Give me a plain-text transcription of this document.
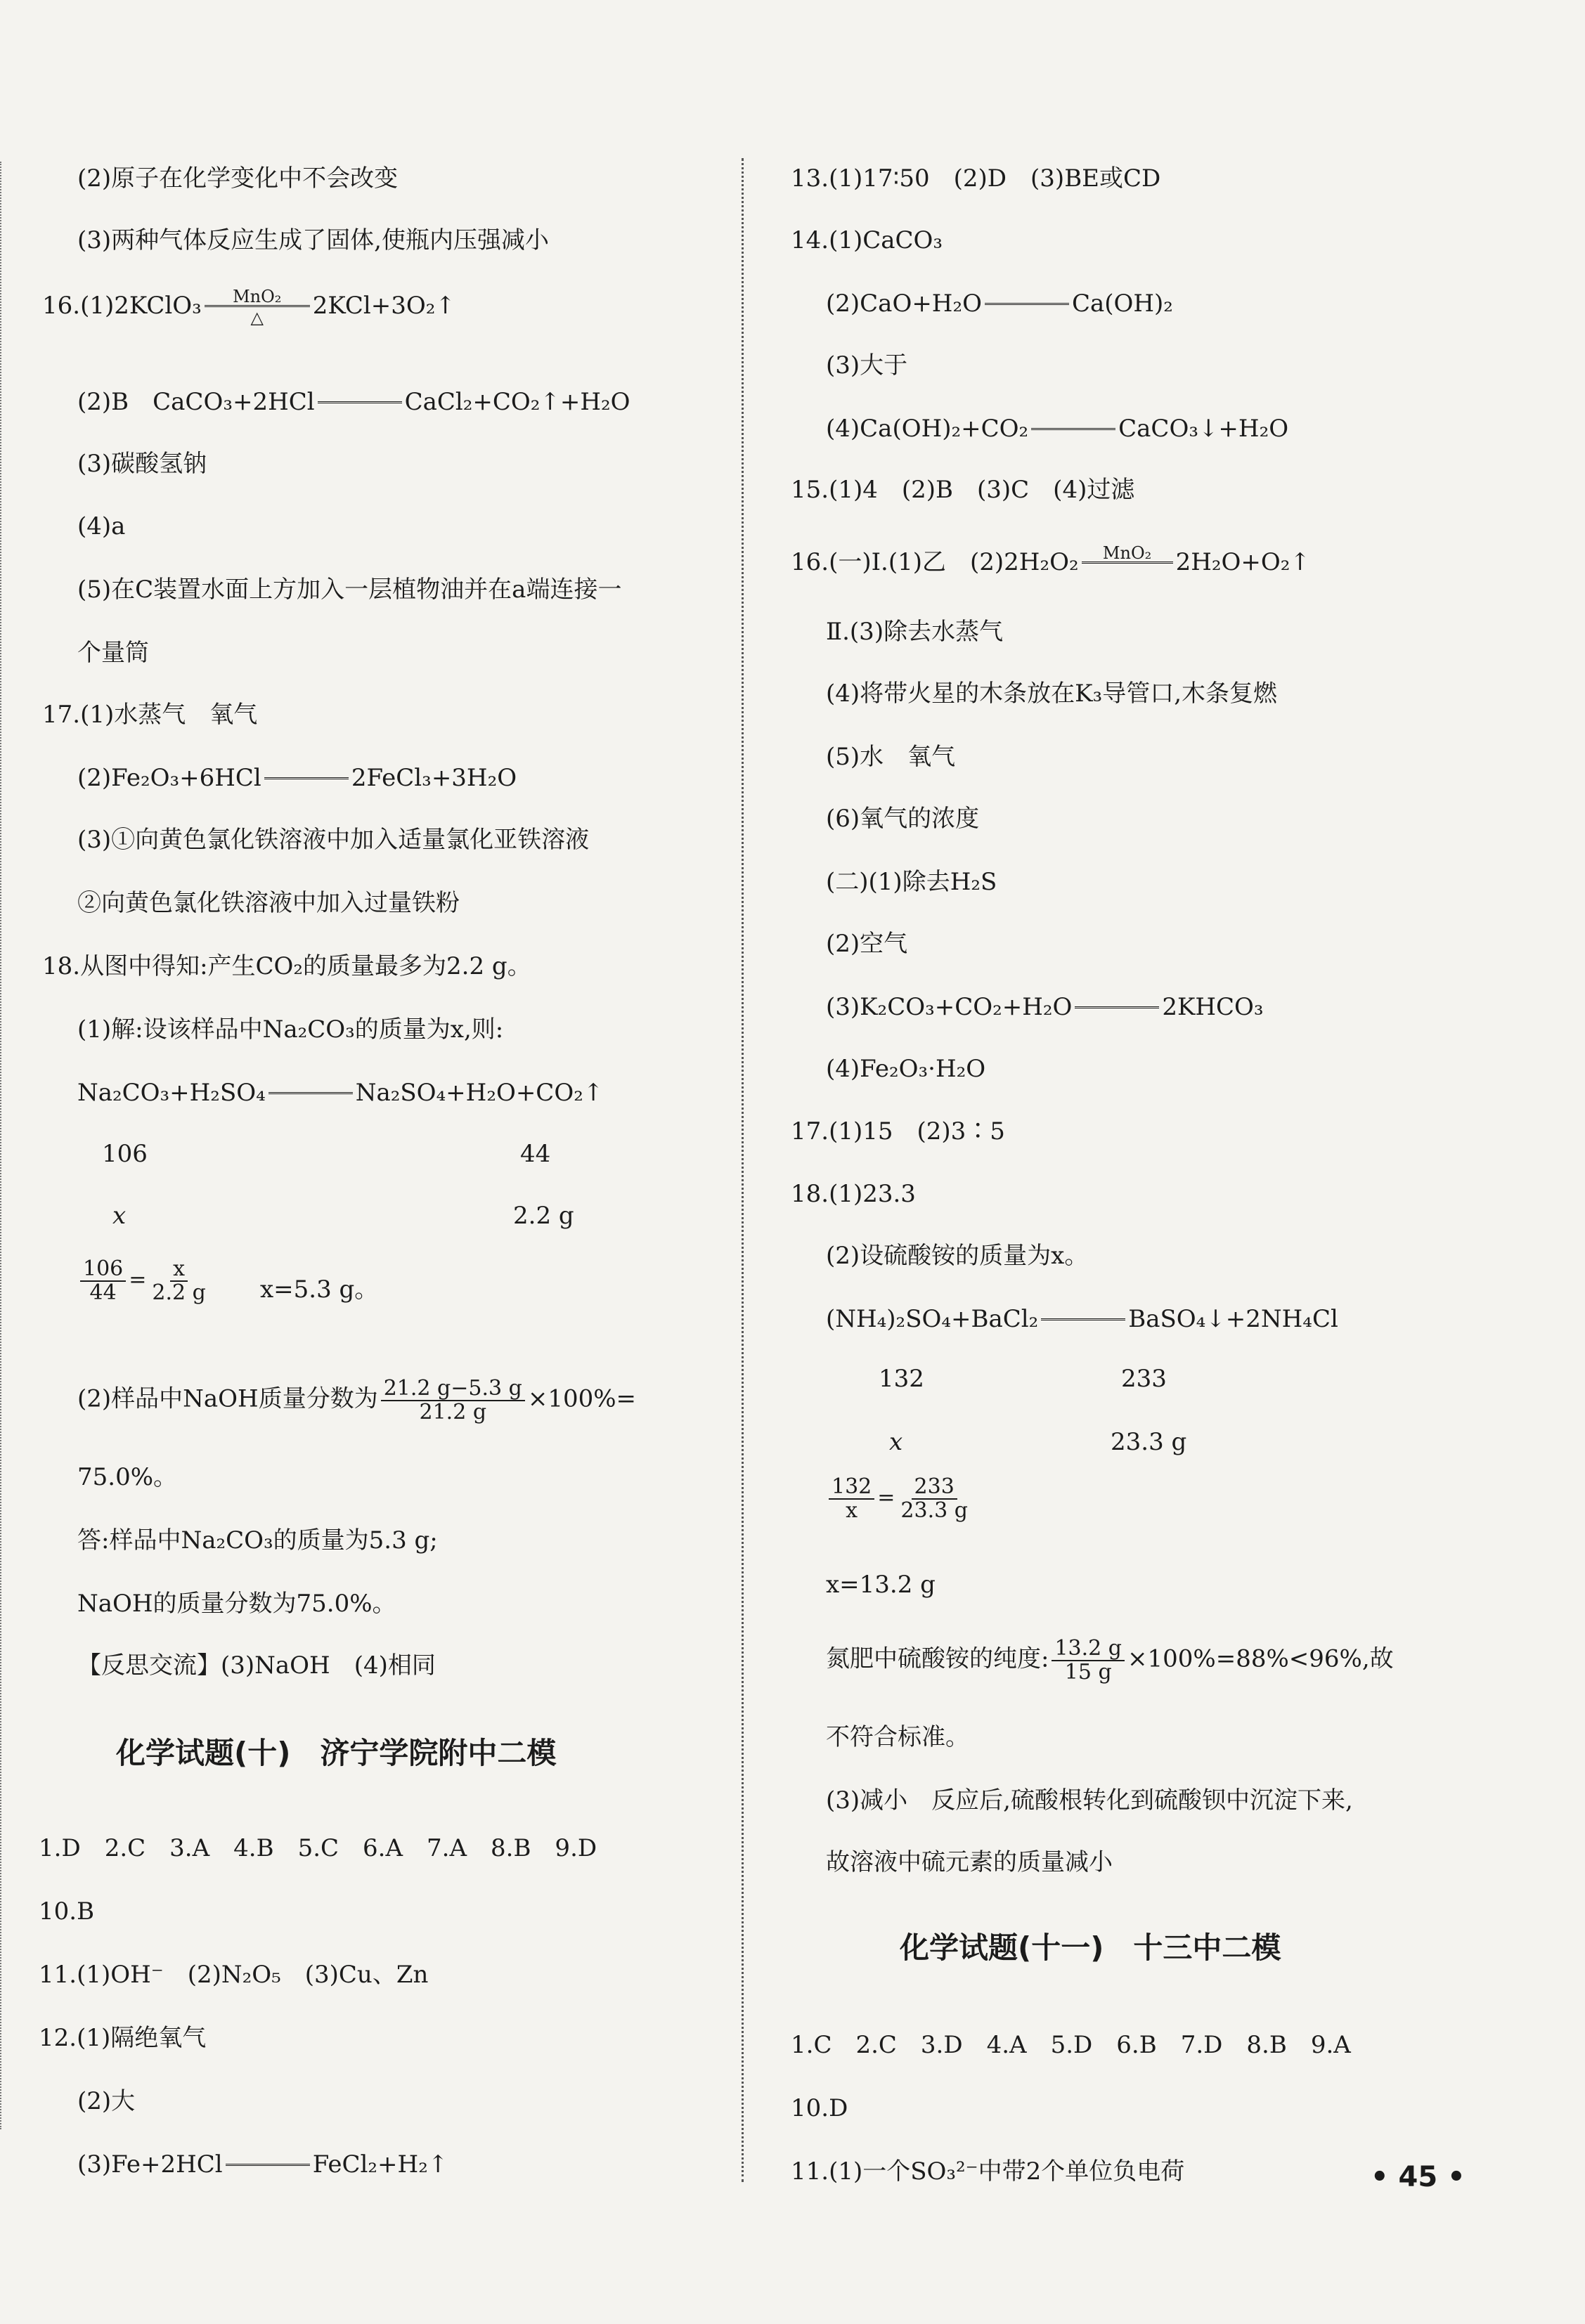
(2)原子在化学变化中不会改变
(3)两种气体反应生成了固体,使瓶内压强减小
16.(1)2KClO₃ MnO₂
△ 2KCl+3O₂↑
(2)B　CaCO₃+2HCl	CaCl₂+CO₂↑+H₂O
(3)碳酸氢钠
(4)a
(5)在C装置水面上方加入一层植物油并在a端连接一
个量筒
17.(1)水蒸气　氧气
(2)Fe₂O₃+6HCl	2FeCl₃+3H₂O
(3)①向黄色氯化铁溶液中加入适量氯化亚铁溶液
②向黄色氯化铁溶液中加入过量铁粉
18.从图中得知:产生CO₂的质量最多为2.2 g。
(1)解:设该样品中Na₂CO₃的质量为x,则:
Na₂CO₃+H₂SO₄	Na₂SO₄+H₂O+CO₂↑
106	44
x	2.2 g
$\frac{106}{44} = \frac{x}{2.2 g} x=5.3$ g。
(2)样品中NaOH质量分数为 $\frac{21.2 g-5.3 g}{21.2 g} \times 100\%=$
75.0%。
答:样品中Na₂CO₃的质量为5.3 g;
NaOH的质量分数为75.0%。
【反思交流】(3)NaOH　(4)相同
化学试题(十)　济宁学院附中二模
1.D　2.C　3.A　4.B　5.C　6.A　7.A　8.B　9.D
10.B
11.(1)OH⁻　(2)N₂O₅　(3)Cu、Zn
12.(1)隔绝氧气
(2)大
(3)Fe+2HCl	FeCl₂+H₂↑
13.(1)17∶50　(2)D　(3)BE或CD
14.(1)CaCO₃
(2)CaO+H₂O	Ca(OH)₂
(3)大于
(4)Ca(OH)₂+CO₂	CaCO₃↓+H₂O
15.(1)4　(2)B　(3)C　(4)过滤
16.(一)Ⅰ.(1)乙　(2)2H₂O₂ MnO₂ 2H₂O+O₂↑
Ⅱ.(3)除去水蒸气
(4)将带火星的木条放在K₃导管口,木条复燃
(5)水　氧气
(6)氧气的浓度
(二)(1)除去H₂S
(2)空气
(3)K₂CO₃+CO₂+H₂O	2KHCO₃
(4)Fe₂O₃·H₂O
17.(1)15　(2)3∶5
18.(1)23.3
(2)设硫酸铵的质量为x。
(NH₄)₂SO₄+BaCl₂	BaSO₄↓+2NH₄Cl
132	233
x	23.3 g
$\frac{132}{x} = \frac{233}{23.3 g}$
x=13.2 g
氮肥中硫酸铵的纯度: $\frac{13.2 g}{15 g} \times 100\%=88\%<96\%$,故
不符合标准。
(3)减小　反应后,硫酸根转化到硫酸钡中沉淀下来,
故溶液中硫元素的质量减小
化学试题(十一)　十三中二模
1.C　2.C　3.D　4.A　5.D　6.B　7.D　8.B　9.A
10.D
11.(1)一个SO₃²⁻中带2个单位负电荷	• 45 •
